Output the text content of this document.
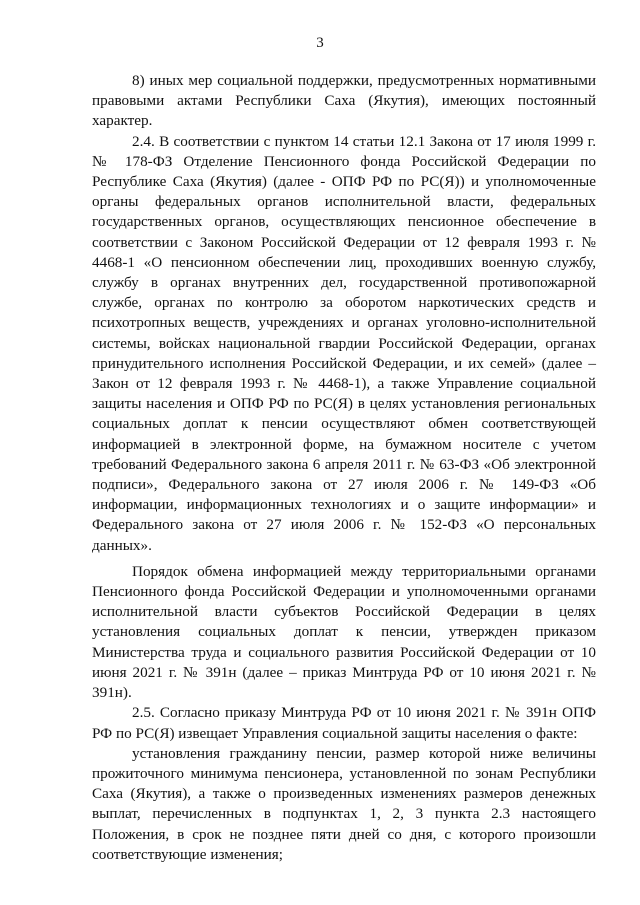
3

8) иных мер социальной поддержки, предусмотренных нормативными правовыми актами Республики Саха (Якутия), имеющих постоянный характер.

2.4. В соответствии с пунктом 14 статьи 12.1 Закона от 17 июля 1999 г. № 178-ФЗ Отделение Пенсионного фонда Российской Федерации по Республике Саха (Якутия) (далее - ОПФ РФ по РС(Я)) и уполномоченные органы федеральных органов исполнительной власти, федеральных государственных органов, осуществляющих пенсионное обеспечение в соответствии с Законом Российской Федерации от 12 февраля 1993 г. № 4468-1 «О пенсионном обеспечении лиц, проходивших военную службу, службу в органах внутренних дел, государственной противопожарной службе, органах по контролю за оборотом наркотических средств и психотропных веществ, учреждениях и органах уголовно-исполнительной системы, войсках национальной гвардии Российской Федерации, органах принудительного исполнения Российской Федерации, и их семей» (далее – Закон от 12 февраля 1993 г. № 4468-1), а также Управление социальной защиты населения и ОПФ РФ по РС(Я) в целях установления региональных социальных доплат к пенсии осуществляют обмен соответствующей информацией в электронной форме, на бумажном носителе с учетом требований Федерального закона 6 апреля 2011 г. № 63-ФЗ «Об электронной подписи», Федерального закона от 27 июля 2006 г. № 149-ФЗ «Об информации, информационных технологиях и о защите информации» и Федерального закона от 27 июля 2006 г. № 152-ФЗ «О персональных данных».

Порядок обмена информацией между территориальными органами Пенсионного фонда Российской Федерации и уполномоченными органами исполнительной власти субъектов Российской Федерации в целях установления социальных доплат к пенсии, утвержден приказом Министерства труда и социального развития Российской Федерации от 10 июня 2021 г. № 391н (далее – приказ Минтруда РФ от 10 июня 2021 г. № 391н).

2.5. Согласно приказу Минтруда РФ от 10 июня 2021 г. № 391н ОПФ РФ по РС(Я) извещает Управления социальной защиты населения о факте:

установления гражданину пенсии, размер которой ниже величины прожиточного минимума пенсионера, установленной по зонам Республики Саха (Якутия), а также о произведенных изменениях размеров денежных выплат, перечисленных в подпунктах 1, 2, 3 пункта 2.3 настоящего Положения, в срок не позднее пяти дней со дня, с которого произошли соответствующие изменения;
